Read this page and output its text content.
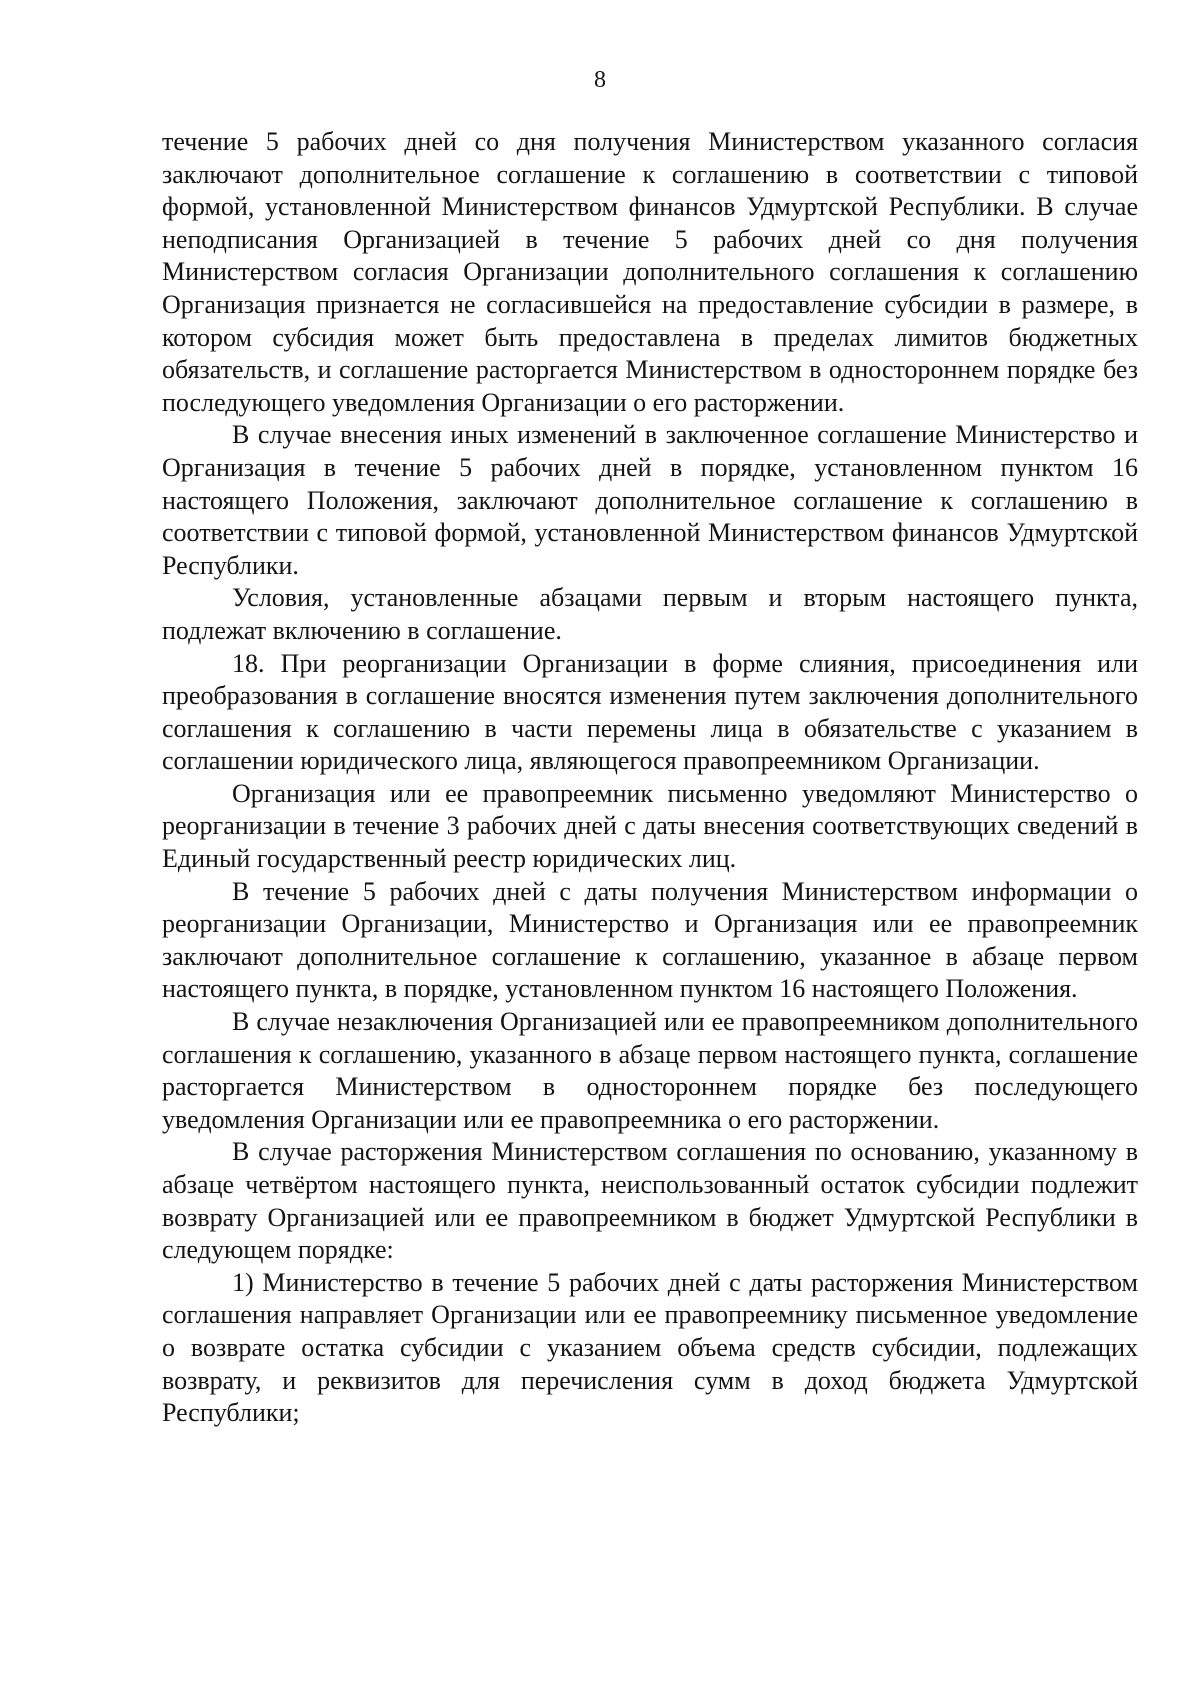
8

течение 5 рабочих дней со дня получения Министерством указанного согласия заключают дополнительное соглашение к соглашению в соответствии с типовой формой, установленной Министерством финансов Удмуртской Республики. В случае неподписания Организацией в течение 5 рабочих дней со дня получения Министерством согласия Организации дополнительного соглашения к соглашению Организация признается не согласившейся на предоставление субсидии в размере, в котором субсидия может быть предоставлена в пределах лимитов бюджетных обязательств, и соглашение расторгается Министерством в одностороннем порядке без последующего уведомления Организации о его расторжении.

В случае внесения иных изменений в заключенное соглашение Министерство и Организация в течение 5 рабочих дней в порядке, установленном пунктом 16 настоящего Положения, заключают дополнительное соглашение к соглашению в соответствии с типовой формой, установленной Министерством финансов Удмуртской Республики.

Условия, установленные абзацами первым и вторым настоящего пункта, подлежат включению в соглашение.

18. При реорганизации Организации в форме слияния, присоединения или преобразования в соглашение вносятся изменения путем заключения дополнительного соглашения к соглашению в части перемены лица в обязательстве с указанием в соглашении юридического лица, являющегося правопреемником Организации.

Организация или ее правопреемник письменно уведомляют Министерство о реорганизации в течение 3 рабочих дней с даты внесения соответствующих сведений в Единый государственный реестр юридических лиц.

В течение 5 рабочих дней с даты получения Министерством информации о реорганизации Организации, Министерство и Организация или ее правопреемник заключают дополнительное соглашение к соглашению, указанное в абзаце первом настоящего пункта, в порядке, установленном пунктом 16 настоящего Положения.

В случае незаключения Организацией или ее правопреемником дополнительного соглашения к соглашению, указанного в абзаце первом настоящего пункта, соглашение расторгается Министерством в одностороннем порядке без последующего уведомления Организации или ее правопреемника о его расторжении.

В случае расторжения Министерством соглашения по основанию, указанному в абзаце четвёртом настоящего пункта, неиспользованный остаток субсидии подлежит возврату Организацией или ее правопреемником в бюджет Удмуртской Республики в следующем порядке:

1) Министерство в течение 5 рабочих дней с даты расторжения Министерством соглашения направляет Организации или ее правопреемнику письменное уведомление о возврате остатка субсидии с указанием объема средств субсидии, подлежащих возврату, и реквизитов для перечисления сумм в доход бюджета Удмуртской Республики;
